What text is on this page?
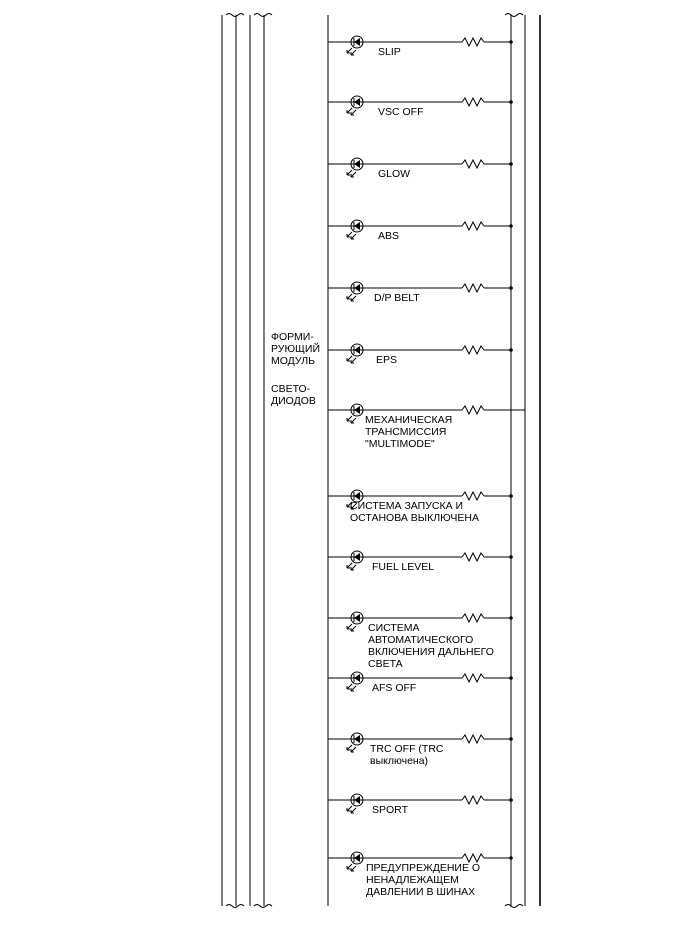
ФОРМИ-
РУЮЩИЙ
МОДУЛЬ
СВЕТО-
ДИОДОВ
SLIP
VSC OFF
GLOW
ABS
D/P BELT
EPS
МЕХАНИЧЕСКАЯ
ТРАНСМИССИЯ
"MULTIMODE"
СИСТЕМА ЗАПУСКА И
ОСТАНОВА ВЫКЛЮЧЕНА
FUEL LEVEL
СИСТЕМА
АВТОМАТИЧЕСКОГО
ВКЛЮЧЕНИЯ ДАЛЬНЕГО
СВЕТА
AFS OFF
TRC OFF (TRC
выключена)
SPORT
ПРЕДУПРЕЖДЕНИЕ О
НЕНАДЛЕЖАЩЕМ
ДАВЛЕНИИ В ШИНАХ
